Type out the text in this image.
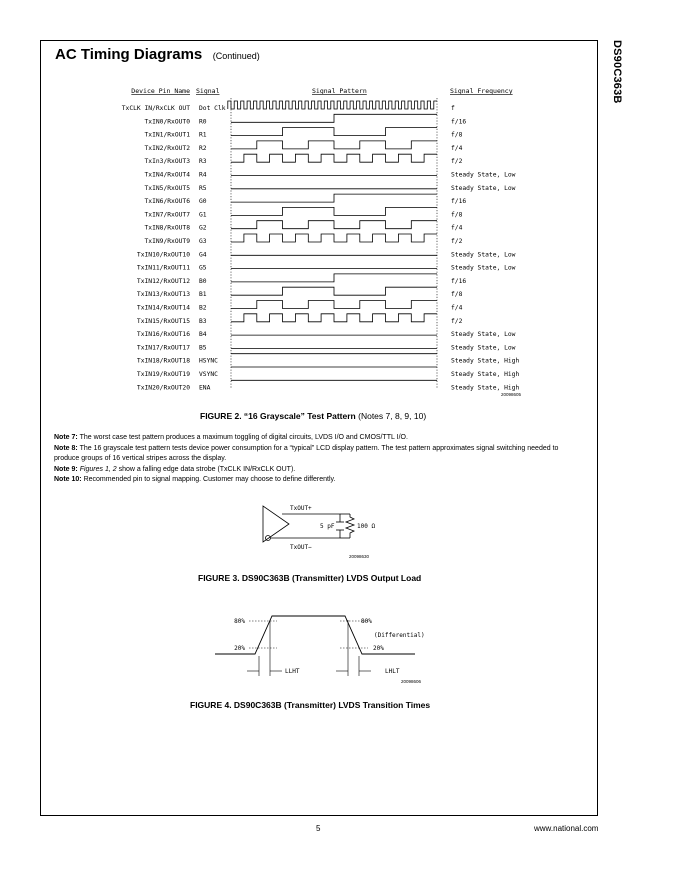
DS90C363B
AC Timing Diagrams (Continued)
Device Pin Name Signal	Signal Pattern	Signal Frequency
TxCLK IN/RxCLK OUT Dot Clk	f
TxIN0/RxOUT0 R0	f/16
TxIN1/RxOUT1 R1	f/8
TxIN2/RxOUT2 R2	f/4
TxIn3/RxOUT3 R3	f/2
TxIN4/RxOUT4 R4	Steady State, Low
TxIN5/RxOUT5 R5	Steady State, Low
TxIN6/RxOUT6 G0	f/16
TxIN7/RxOUT7 G1	f/8
TxIN8/RxOUT8 G2	f/4
TxIN9/RxOUT9 G3	f/2
TxIN10/RxOUT10 G4	Steady State, Low
TxIN11/RxOUT11 G5	Steady State, Low
TxIN12/RxOUT12 B0	f/16
TxIN13/RxOUT13 B1	f/8
TxIN14/RxOUT14 B2	f/4
TxIN15/RxOUT15 B3	f/2
TxIN16/RxOUT16 B4	Steady State, Low
TxIN17/RxOUT17 B5	Steady State, Low
TxIN18/RxOUT18 HSYNC	Steady State, High
TxIN19/RxOUT19 VSYNC	Steady State, High
TxIN20/RxOUT20 ENA	Steady State, High
20098605
FIGURE 2. “16 Grayscale” Test Pattern (Notes 7, 8, 9, 10)

Note 7: The worst case test pattern produces a maximum toggling of digital circuits, LVDS I/O and CMOS/TTL I/O.

Note 8: The 16 grayscale test pattern tests device power consumption for a “typical” LCD display pattern. The test pattern approximates signal switching needed to produce groups of 16 vertical stripes across the display.

Note 9: Figures 1, 2 show a falling edge data strobe (TxCLK IN/RxCLK OUT).

Note 10: Recommended pin to signal mapping. Customer may choose to define differently.

TxOUT+
TxOUT−
5 pF	100 Ω
20098630
80%
20%
80%
20%
(Differential)
LLHT	LHLT
20098606
FIGURE 3. DS90C363B (Transmitter) LVDS Output Load
FIGURE 4. DS90C363B (Transmitter) LVDS Transition Times
5	www.national.com
